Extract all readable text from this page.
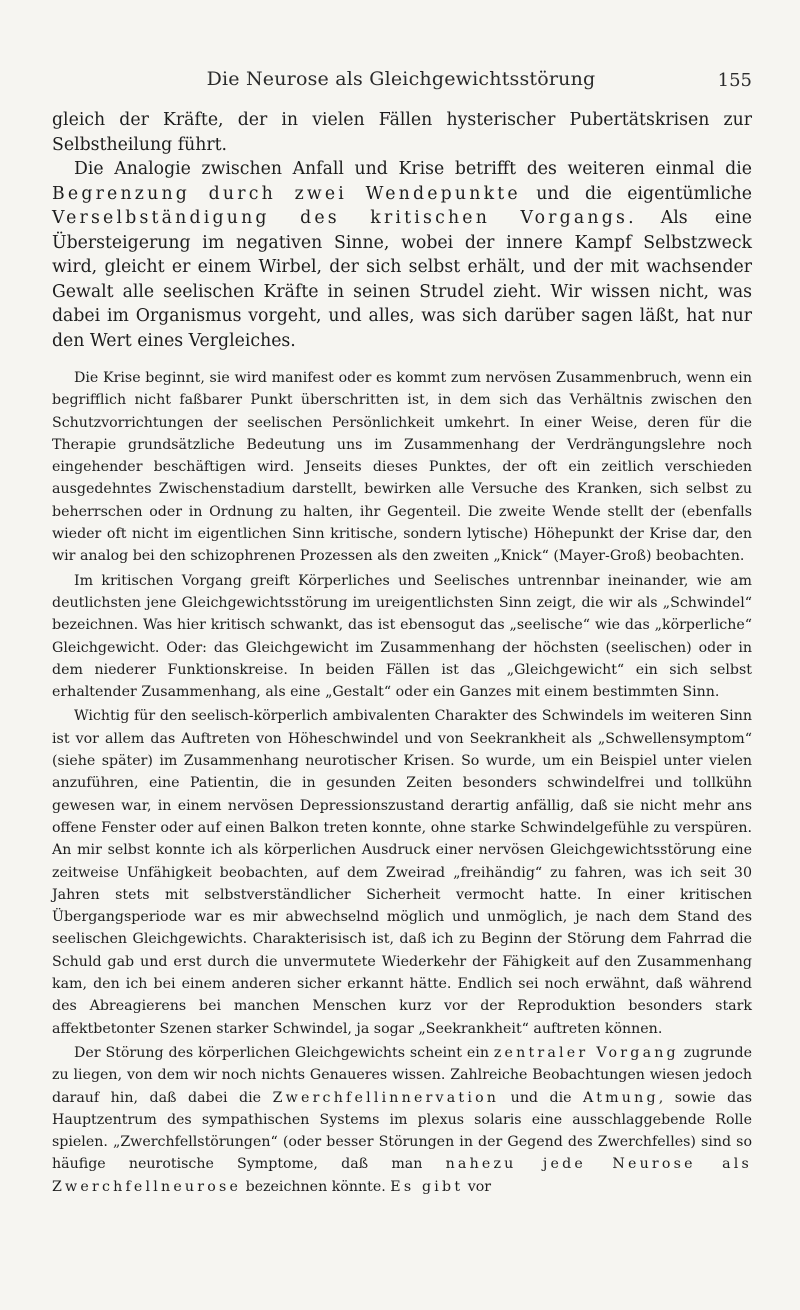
Die Neurose als Gleichgewichtsstörung	155

gleich der Kräfte, der in vielen Fällen hysterischer Pubertätskrisen zur Selbstheilung führt.

Die Analogie zwischen Anfall und Krise betrifft des weiteren einmal die Begrenzung durch zwei Wendepunkte und die eigentümliche Verselbständigung des kritischen Vorgangs. Als eine Übersteigerung im negativen Sinne, wobei der innere Kampf Selbstzweck wird, gleicht er einem Wirbel, der sich selbst erhält, und der mit wachsender Gewalt alle seelischen Kräfte in seinen Strudel zieht. Wir wissen nicht, was dabei im Organismus vorgeht, und alles, was sich darüber sagen läßt, hat nur den Wert eines Vergleiches.

Die Krise beginnt, sie wird manifest oder es kommt zum nervösen Zusammenbruch, wenn ein begrifflich nicht faßbarer Punkt überschritten ist, in dem sich das Verhältnis zwischen den Schutzvorrichtungen der seelischen Persönlichkeit umkehrt. In einer Weise, deren für die Therapie grundsätzliche Bedeutung uns im Zusammenhang der Verdrängungslehre noch eingehender beschäftigen wird. Jenseits dieses Punktes, der oft ein zeitlich verschieden ausgedehntes Zwischenstadium darstellt, bewirken alle Versuche des Kranken, sich selbst zu beherrschen oder in Ordnung zu halten, ihr Gegenteil. Die zweite Wende stellt der (ebenfalls wieder oft nicht im eigentlichen Sinn kritische, sondern lytische) Höhepunkt der Krise dar, den wir analog bei den schizophrenen Prozessen als den zweiten „Knick“ (Mayer-Groß) beobachten.

Im kritischen Vorgang greift Körperliches und Seelisches untrennbar ineinander, wie am deutlichsten jene Gleichgewichtsstörung im ureigentlichsten Sinn zeigt, die wir als „Schwindel“ bezeichnen. Was hier kritisch schwankt, das ist ebensogut das „seelische“ wie das „körperliche“ Gleichgewicht. Oder: das Gleichgewicht im Zusammenhang der höchsten (seelischen) oder in dem niederer Funktionskreise. In beiden Fällen ist das „Gleichgewicht“ ein sich selbst erhaltender Zusammenhang, als eine „Gestalt“ oder ein Ganzes mit einem bestimmten Sinn.

Wichtig für den seelisch-körperlich ambivalenten Charakter des Schwindels im weiteren Sinn ist vor allem das Auftreten von Höheschwindel und von Seekrankheit als „Schwellensymptom“ (siehe später) im Zusammenhang neurotischer Krisen. So wurde, um ein Beispiel unter vielen anzuführen, eine Patientin, die in gesunden Zeiten besonders schwindelfrei und tollkühn gewesen war, in einem nervösen Depressionszustand derartig anfällig, daß sie nicht mehr ans offene Fenster oder auf einen Balkon treten konnte, ohne starke Schwindelgefühle zu verspüren. An mir selbst konnte ich als körperlichen Ausdruck einer nervösen Gleichgewichtsstörung eine zeitweise Unfähigkeit beobachten, auf dem Zweirad „freihändig“ zu fahren, was ich seit 30 Jahren stets mit selbstverständlicher Sicherheit vermocht hatte. In einer kritischen Übergangsperiode war es mir abwechselnd möglich und unmöglich, je nach dem Stand des seelischen Gleichgewichts. Charakterisisch ist, daß ich zu Beginn der Störung dem Fahrrad die Schuld gab und erst durch die unvermutete Wiederkehr der Fähigkeit auf den Zusammenhang kam, den ich bei einem anderen sicher erkannt hätte. Endlich sei noch erwähnt, daß während des Abreagierens bei manchen Menschen kurz vor der Reproduktion besonders stark affektbetonter Szenen starker Schwindel, ja sogar „Seekrankheit“ auftreten können.

Der Störung des körperlichen Gleichgewichts scheint ein zentraler Vorgang zugrunde zu liegen, von dem wir noch nichts Genaueres wissen. Zahlreiche Beobachtungen wiesen jedoch darauf hin, daß dabei die Zwerchfellinnervation und die Atmung, sowie das Hauptzentrum des sympathischen Systems im plexus solaris eine ausschlaggebende Rolle spielen. „Zwerchfellstörungen“ (oder besser Störungen in der Gegend des Zwerchfelles) sind so häufige neurotische Symptome, daß man nahezu jede Neurose als Zwerchfellneurose bezeichnen könnte. Es gibt vor
